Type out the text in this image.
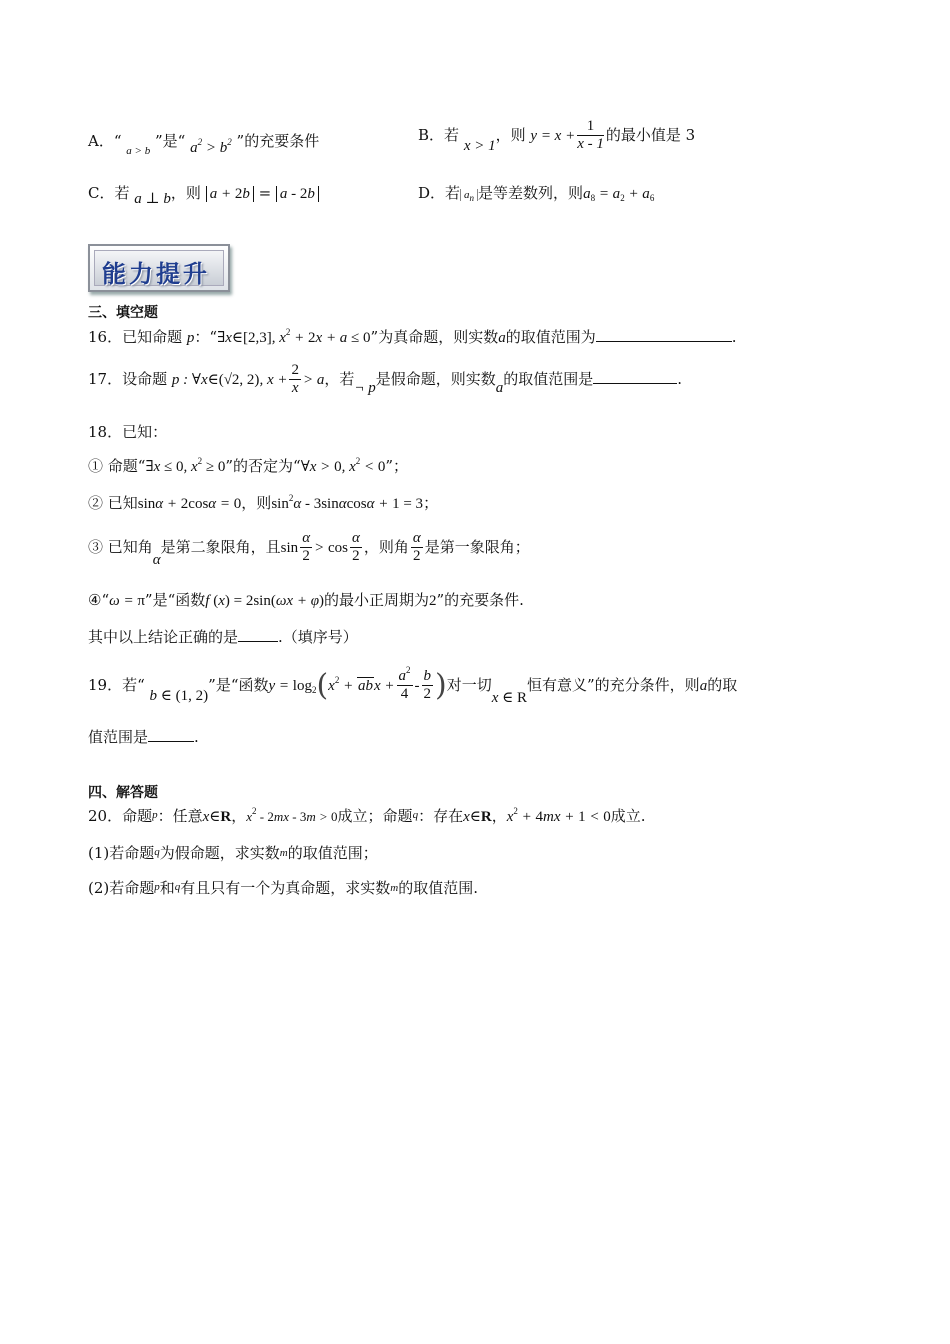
A．“ $_{a > b}$ ”是“ $a^2 > b^2$ ”的充要条件	B．若 x > 1，则 $y = x + \frac{1}{x - 1}$ 的最小值是 3
C．若 a ⊥ b，则 a + 2b = a - 2b	D．若 $a_n$ 是等差数列，则$a_8 = a_2 + a_6$
能力提升
三、填空题
16．已知命题 p：“∃x∈[2,3], $x^2 + 2x + a \le 0$”为真命题，则实数a的取值范围为	.
17．设命题 p : ∀x∈(√2, 2), $x + \frac{2}{x} > a$，若¬ p是假命题，则实数a的取值范围是	.
18．已知：
① 命题“∃x ≤ 0, $x^2 \ge 0$”的否定为“∀x > 0, $x^2 < 0$”；
② 已知sinα + 2cosα = 0，则$\sin^2\alpha - 3\sin\alpha\cos\alpha + 1 = 3$；
③ 已知角α是第二象限角，且$\sin \frac{\alpha}{2} > \cos \frac{\alpha}{2}$ ，则角 $\frac{\alpha}{2}$ 是第一象限角；
④“ω = π”是“函数f (x) = 2sin(ωx + φ)的最小正周期为2”的充要条件.
其中以上结论正确的是	.（填序号）
19．若“ b ∈ (1, 2)”是“函数$y = \log_2(x^2$ + abx + $\frac{a^2}{4} - \frac{b}{2}$ )对一切x ∈ R恒有意义”的充分条件，则a的取
值范围是	.
四、解答题
20．命题$^p$：任意x∈R，$x^2 - 2mx - 3m > 0$成立；命题$^q$：存在x∈R，$x^2 + 4mx + 1 < 0$成立.
(1)若命题$^q$为假命题，求实数m的取值范围；
(2)若命题$^p$和$^q$有且只有一个为真命题，求实数m的取值范围.
